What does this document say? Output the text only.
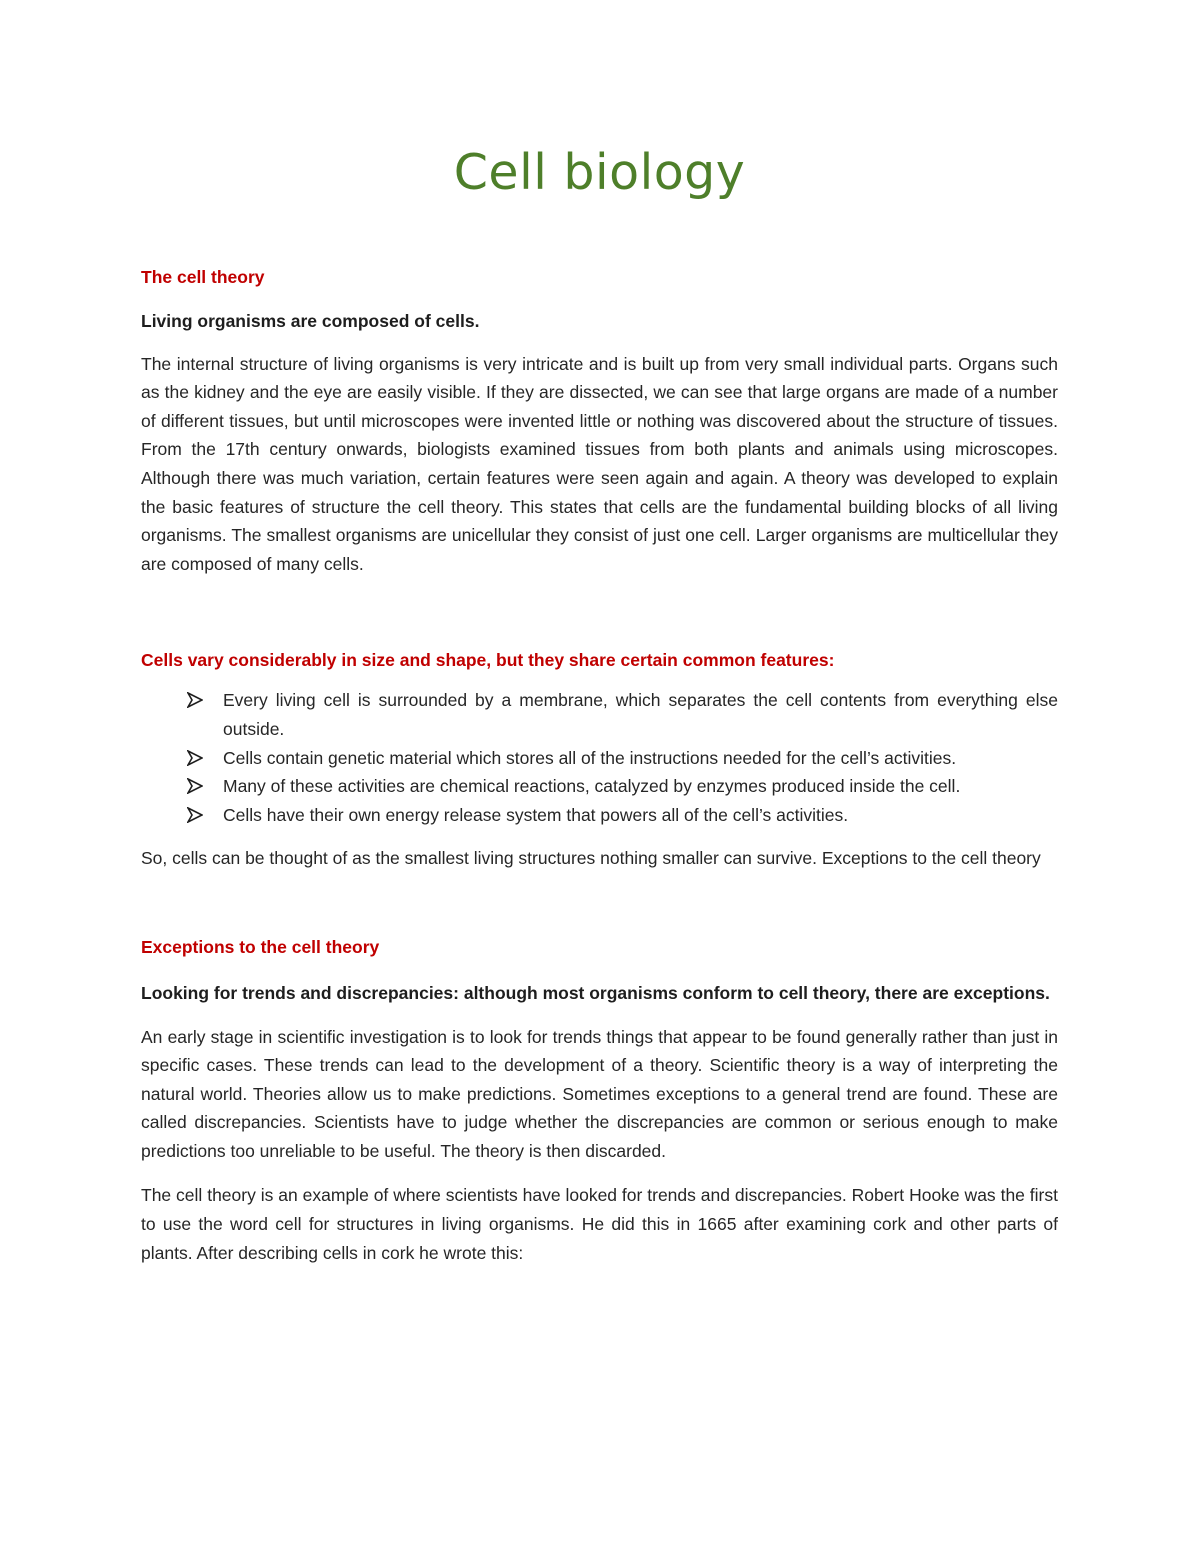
Cell biology

The cell theory

Living organisms are composed of cells.

The internal structure of living organisms is very intricate and is built up from very small individual parts. Organs such as the kidney and the eye are easily visible. If they are dissected, we can see that large organs are made of a number of different tissues, but until microscopes were invented little or nothing was discovered about the structure of tissues. From the 17th century onwards, biologists examined tissues from both plants and animals using microscopes. Although there was much variation, certain features were seen again and again. A theory was developed to explain the basic features of structure the cell theory. This states that cells are the fundamental building blocks of all living organisms. The smallest organisms are unicellular they consist of just one cell. Larger organisms are multicellular they are composed of many cells.

Cells vary considerably in size and shape, but they share certain common features:

Every living cell is surrounded by a membrane, which separates the cell contents from everything else outside.
Cells contain genetic material which stores all of the instructions needed for the cell’s activities.
Many of these activities are chemical reactions, catalyzed by enzymes produced inside the cell.
Cells have their own energy release system that powers all of the cell’s activities.

So, cells can be thought of as the smallest living structures nothing smaller can survive. Exceptions to the cell theory

Exceptions to the cell theory

Looking for trends and discrepancies: although most organisms conform to cell theory, there are exceptions.

An early stage in scientific investigation is to look for trends things that appear to be found generally rather than just in specific cases. These trends can lead to the development of a theory. Scientific theory is a way of interpreting the natural world. Theories allow us to make predictions. Sometimes exceptions to a general trend are found. These are called discrepancies. Scientists have to judge whether the discrepancies are common or serious enough to make predictions too unreliable to be useful. The theory is then discarded.

The cell theory is an example of where scientists have looked for trends and discrepancies. Robert Hooke was the first to use the word cell for structures in living organisms. He did this in 1665 after examining cork and other parts of plants. After describing cells in cork he wrote this:
